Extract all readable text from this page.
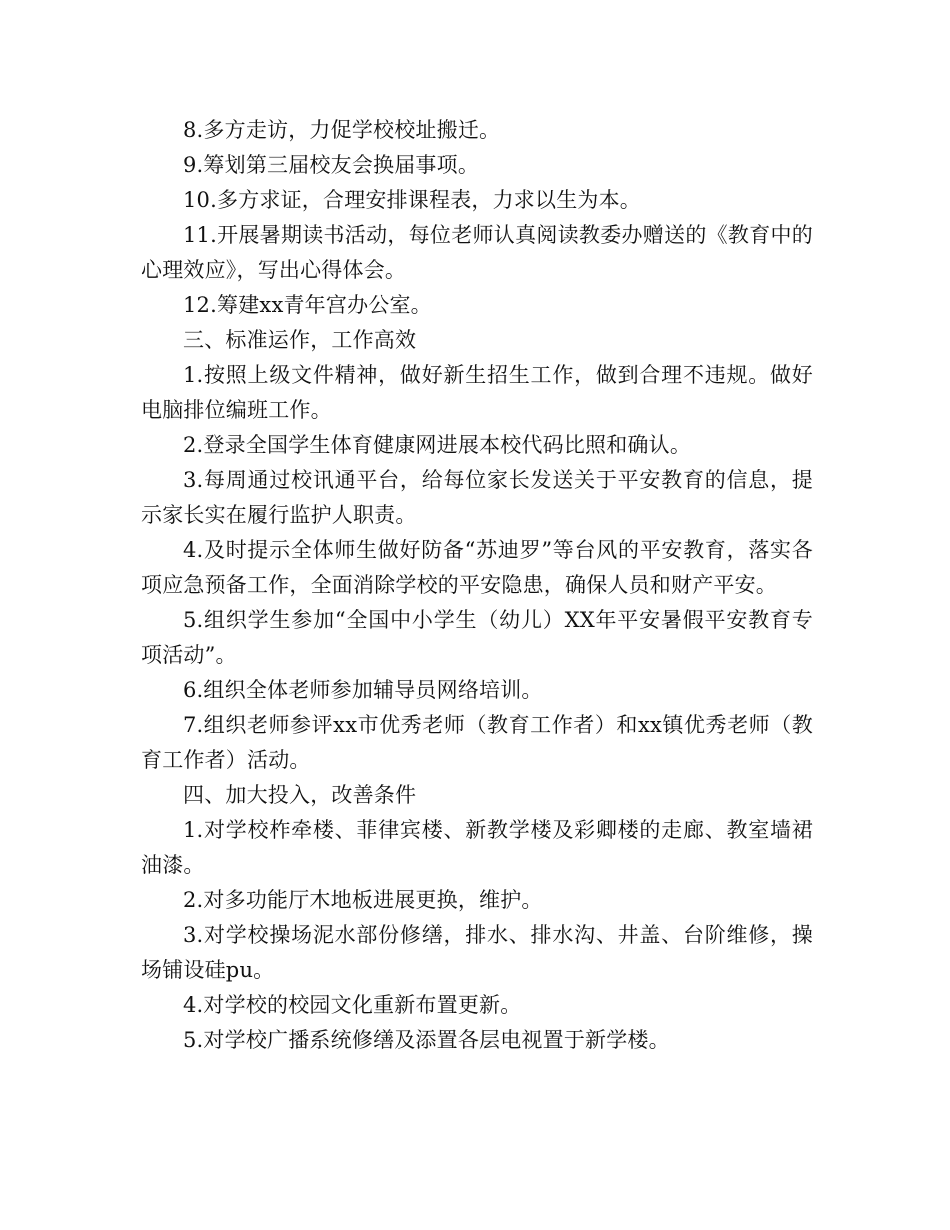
8.多方走访，力促学校校址搬迁。

9.筹划第三届校友会换届事项。

10.多方求证，合理安排课程表，力求以生为本。

11.开展暑期读书活动，每位老师认真阅读教委办赠送的《教育中的心理效应》，写出心得体会。

12.筹建xx青年宫办公室。

三、标准运作，工作高效

1.按照上级文件精神，做好新生招生工作，做到合理不违规。做好电脑排位编班工作。

2.登录全国学生体育健康网进展本校代码比照和确认。

3.每周通过校讯通平台，给每位家长发送关于平安教育的信息，提示家长实在履行监护人职责。

4.及时提示全体师生做好防备“苏迪罗”等台风的平安教育，落实各项应急预备工作，全面消除学校的平安隐患，确保人员和财产平安。

5.组织学生参加“全国中小学生（幼儿）XX年平安暑假平安教育专项活动”。

6.组织全体老师参加辅导员网络培训。

7.组织老师参评xx市优秀老师（教育工作者）和xx镇优秀老师（教育工作者）活动。

四、加大投入，改善条件

1.对学校柞牵楼、菲律宾楼、新教学楼及彩卿楼的走廊、教室墙裙油漆。

2.对多功能厅木地板进展更换，维护。

3.对学校操场泥水部份修缮，排水、排水沟、井盖、台阶维修，操场铺设硅pu。

4.对学校的校园文化重新布置更新。

5.对学校广播系统修缮及添置各层电视置于新学楼。
